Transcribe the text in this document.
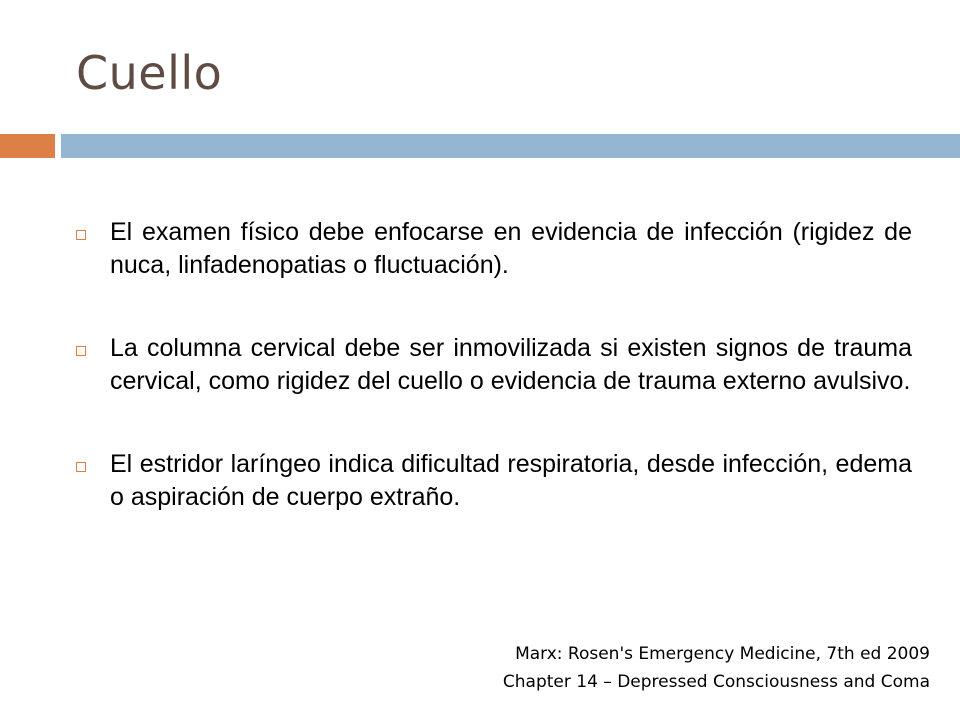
Cuello
El examen físico debe enfocarse en evidencia de infección (rigidez de nuca, linfadenopatias o fluctuación).
La columna cervical debe ser inmovilizada si existen signos de trauma cervical, como rigidez del cuello o evidencia de trauma externo avulsivo.
El estridor laríngeo indica dificultad respiratoria, desde infección, edema o aspiración de cuerpo extraño.
Marx: Rosen's Emergency Medicine, 7th ed 2009
Chapter 14 – Depressed Consciousness and Coma
